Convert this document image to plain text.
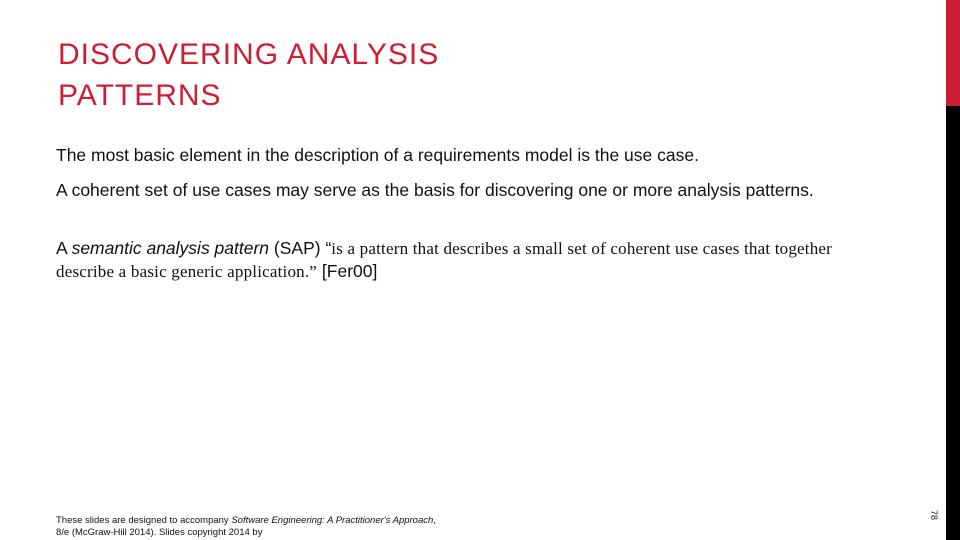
DISCOVERING ANALYSIS
PATTERNS

The most basic element in the description of a requirements model is the use case.

A coherent set of use cases may serve as the basis for discovering one or more analysis patterns.

A semantic analysis pattern (SAP) “is a pattern that describes a small set of coherent use cases that together describe a basic generic application.” [Fer00]

These slides are designed to accompany Software Engineering: A Practitioner's Approach, 8/e (McGraw-Hill 2014). Slides copyright 2014 by

78
